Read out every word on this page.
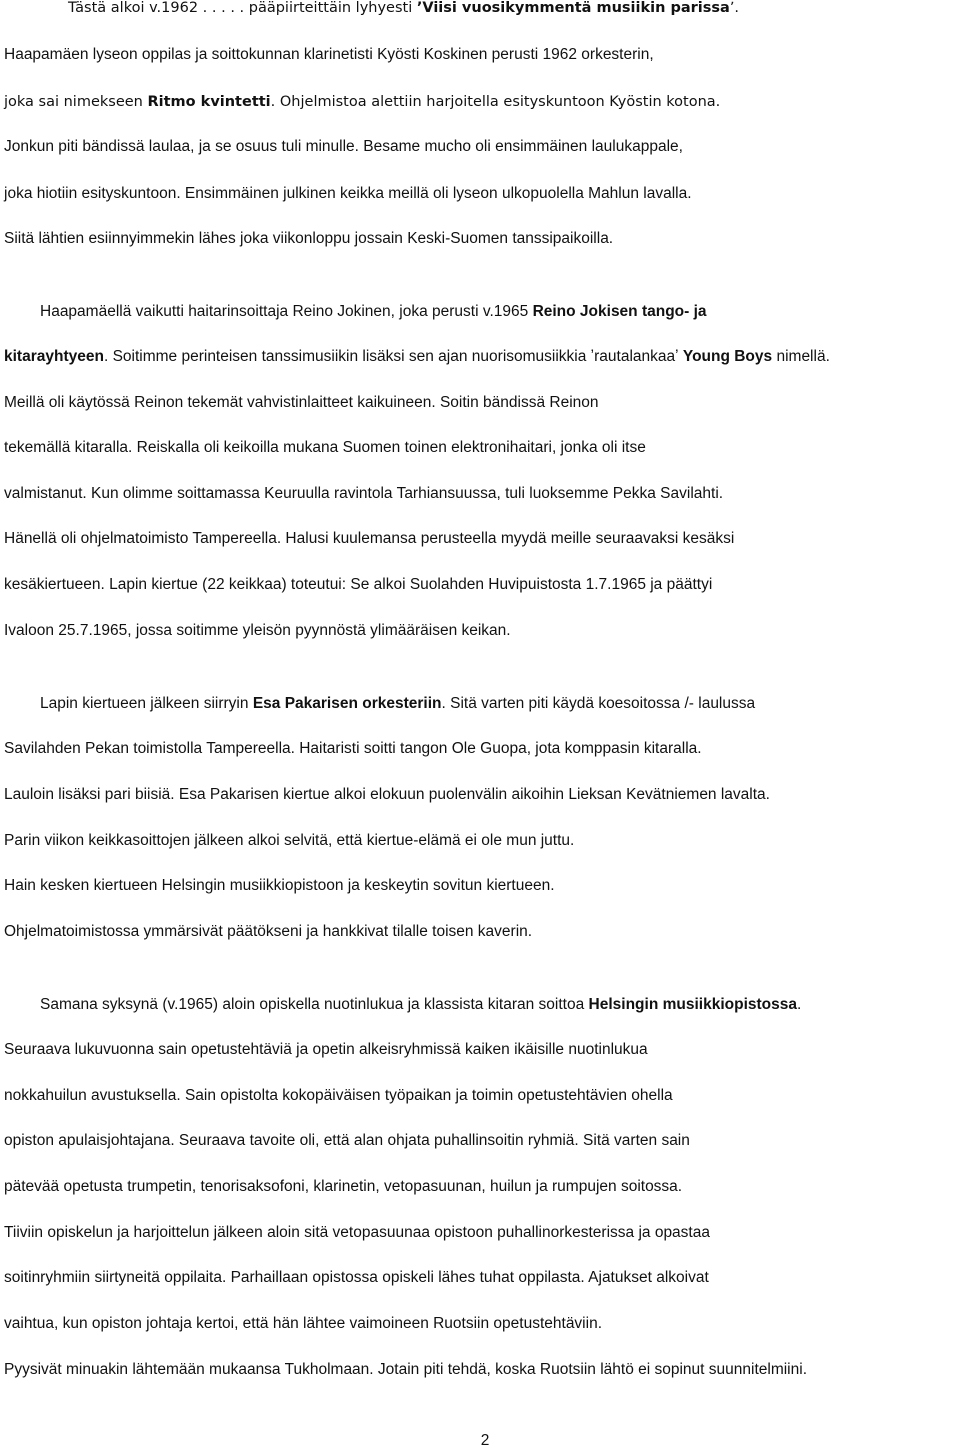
Tästä alkoi v.1962 . . . . . pääpiirteittäin lyhyesti ʼViisi vuosikymmentä musiikin parissaʼ.
Haapamäen lyseon oppilas ja soittokunnan klarinetisti Kyösti Koskinen perusti 1962 orkesterin,
joka sai nimekseen Ritmo kvintetti. Ohjelmistoa alettiin harjoitella esityskuntoon Kyöstin kotona.
Jonkun piti bändissä laulaa, ja se osuus tuli minulle. Besame mucho oli ensimmäinen laulukappale,
joka hiotiin esityskuntoon. Ensimmäinen julkinen keikka meillä oli lyseon ulkopuolella Mahlun lavalla.
Siitä lähtien esiinnyimmekin lähes joka viikonloppu jossain Keski-Suomen tanssipaikoilla.
Haapamäellä vaikutti haitarinsoittaja Reino Jokinen, joka perusti v.1965 Reino Jokisen tango- ja
kitarayhtyeen. Soitimme perinteisen tanssimusiikin lisäksi sen ajan nuorisomusiikkia ʼrautalankaaʼ Young Boys nimellä.
Meillä oli käytössä Reinon tekemät vahvistinlaitteet kaikuineen. Soitin bändissä Reinon
tekemällä kitaralla. Reiskalla oli keikoilla mukana Suomen toinen elektronihaitari, jonka oli itse
valmistanut. Kun olimme soittamassa Keuruulla ravintola Tarhiansuussa, tuli luoksemme Pekka Savilahti.
Hänellä oli ohjelmatoimisto Tampereella. Halusi kuulemansa perusteella myydä meille seuraavaksi kesäksi
kesäkiertueen. Lapin kiertue (22 keikkaa) toteutui: Se alkoi Suolahden Huvipuistosta 1.7.1965 ja päättyi
Ivaloon 25.7.1965, jossa soitimme yleisön pyynnöstä ylimääräisen keikan.
Lapin kiertueen jälkeen siirryin Esa Pakarisen orkesteriin. Sitä varten piti käydä koesoitossa /- laulussa
Savilahden Pekan toimistolla Tampereella. Haitaristi soitti tangon Ole Guopa, jota komppasin kitaralla.
Lauloin lisäksi pari biisiä. Esa Pakarisen kiertue alkoi elokuun puolenvälin aikoihin Lieksan Kevätniemen lavalta.
Parin viikon keikkasoittojen jälkeen alkoi selvitä, että kiertue-elämä ei ole mun juttu.
Hain kesken kiertueen Helsingin musiikkiopistoon ja keskeytin sovitun kiertueen.
Ohjelmatoimistossa ymmärsivät päätökseni ja hankkivat tilalle toisen kaverin.
Samana syksynä (v.1965) aloin opiskella nuotinlukua ja klassista kitaran soittoa Helsingin musiikkiopistossa.
Seuraava lukuvuonna sain opetustehtäviä ja opetin alkeisryhmissä kaiken ikäisille nuotinlukua
nokkahuilun avustuksella. Sain opistolta kokopäiväisen työpaikan ja toimin opetustehtävien ohella
opiston apulaisjohtajana. Seuraava tavoite oli, että alan ohjata puhallinsoitin ryhmiä. Sitä varten sain
pätevää opetusta trumpetin, tenorisaksofoni, klarinetin, vetopasuunan, huilun ja rumpujen soitossa.
Tiiviin opiskelun ja harjoittelun jälkeen aloin sitä vetopasuunaa opistoon puhallinorkesterissa ja opastaa
soitinryhmiin siirtyneitä oppilaita. Parhaillaan opistossa opiskeli lähes tuhat oppilasta. Ajatukset alkoivat
vaihtua, kun opiston johtaja kertoi, että hän lähtee vaimoineen Ruotsiin opetustehtäviin.
Pyysivät minuakin lähtemään mukaansa Tukholmaan. Jotain piti tehdä, koska Ruotsiin lähtö ei sopinut suunnitelmiini.
2
